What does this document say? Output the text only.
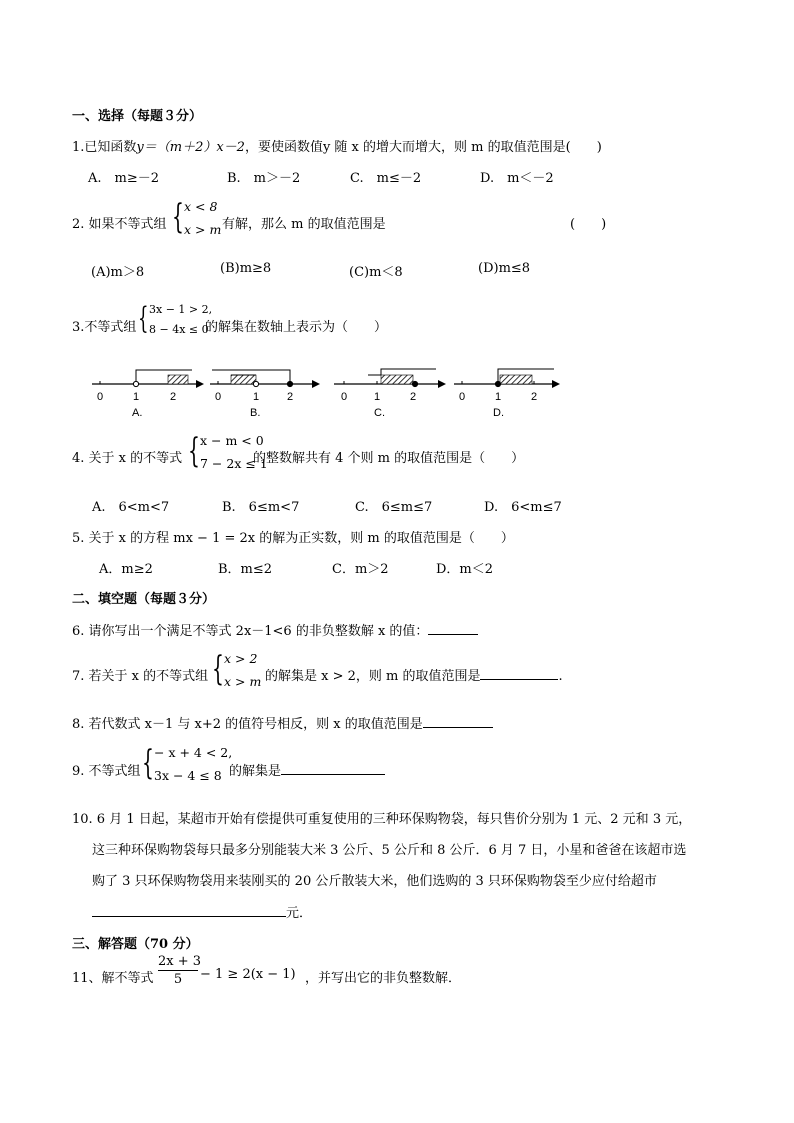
一、选择（每题３分）
1.已知函数y＝（m＋2）x－2，要使函数值y 随 x 的增大而增大，则 m 的取值范围是(　　)
A.　m≥－2	B.　m＞－2	C.　m≤－2	D.　m＜－2
2. 如果不等式组 { x < 8
x > m 有解，那么 m 的取值范围是	(　　)
(A)m＞8	(B)m≥8	(C)m＜8	(D)m≤8
3.不等式组 { 3x − 1 > 2,
8 − 4x ≤ 0
的解集在数轴上表示为（　　）
0	1	2
A.
0	1	2
B.
0 1	2
C.
0	1	2
D.
4. 关于 x 的不等式 { x − m < 0
7 − 2x ≤ 1
的整数解共有 4 个则 m 的取值范围是（　　）
A.　6<m<7	B.　6≤m<7	C.　6≤m≤7	D.　6<m≤7
5. 关于 x 的方程 mx − 1 = 2x 的解为正实数，则 m 的取值范围是（　　）
A．m≥2	B．m≤2	C．m＞2	D．m＜2
二、填空题（每题３分）
6. 请你写出一个满足不等式 2x－1<6 的非负整数解 x 的值：
7. 若关于 x 的不等式组 { x > 2
x > m 的解集是 x > 2，则 m 的取值范围是	.
8. 若代数式 x－1 与 x+2 的值符号相反，则 x 的取值范围是
9. 不等式组 { − x + 4 < 2,
3x − 4 ≤ 8 的解集是
10. 6 月 1 日起，某超市开始有偿提供可重复使用的三种环保购物袋，每只售价分别为 1 元、2 元和 3 元，
这三种环保购物袋每只最多分别能装大米 3 公斤、5 公斤和 8 公斤．6 月 7 日，小星和爸爸在该超市选
购了 3 只环保购物袋用来装刚买的 20 公斤散装大米，他们选购的 3 只环保购物袋至少应付给超市
元．
三、解答题（70 分）
11、解不等式 $\frac{2x + 3}{5} - 1 \ge 2(x - 1)$ ，并写出它的非负整数解．
